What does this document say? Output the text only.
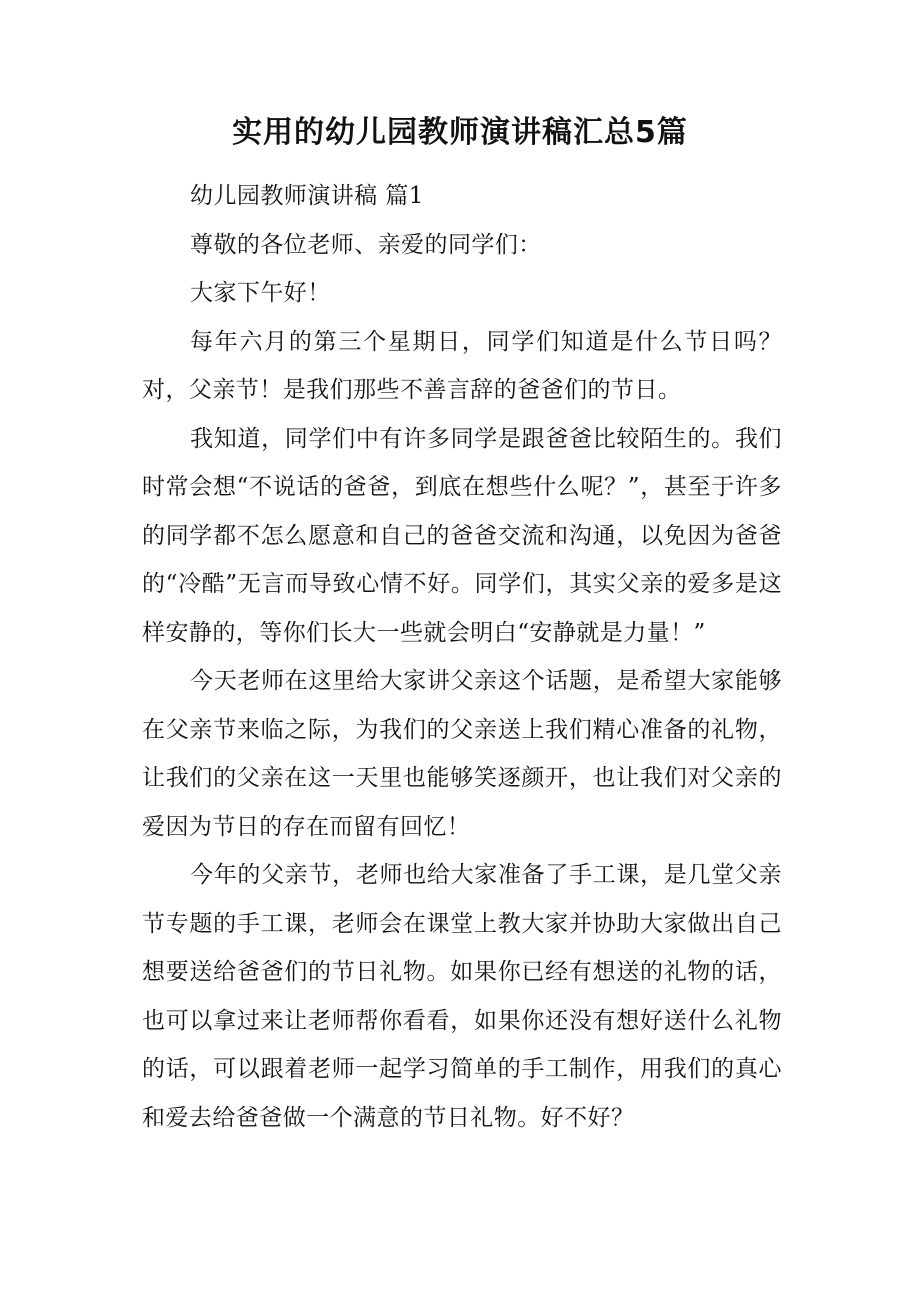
实用的幼儿园教师演讲稿汇总5篇

幼儿园教师演讲稿 篇1

尊敬的各位老师、亲爱的同学们：

大家下午好！

每年六月的第三个星期日，同学们知道是什么节日吗？对，父亲节！是我们那些不善言辞的爸爸们的节日。

我知道，同学们中有许多同学是跟爸爸比较陌生的。我们时常会想“不说话的爸爸，到底在想些什么呢？”，甚至于许多的同学都不怎么愿意和自己的爸爸交流和沟通，以免因为爸爸的“冷酷”无言而导致心情不好。同学们，其实父亲的爱多是这样安静的，等你们长大一些就会明白“安静就是力量！”

今天老师在这里给大家讲父亲这个话题，是希望大家能够在父亲节来临之际，为我们的父亲送上我们精心准备的礼物，让我们的父亲在这一天里也能够笑逐颜开，也让我们对父亲的爱因为节日的存在而留有回忆！

今年的父亲节，老师也给大家准备了手工课，是几堂父亲节专题的手工课，老师会在课堂上教大家并协助大家做出自己想要送给爸爸们的节日礼物。如果你已经有想送的礼物的话，也可以拿过来让老师帮你看看，如果你还没有想好送什么礼物的话，可以跟着老师一起学习简单的手工制作，用我们的真心和爱去给爸爸做一个满意的节日礼物。好不好？
